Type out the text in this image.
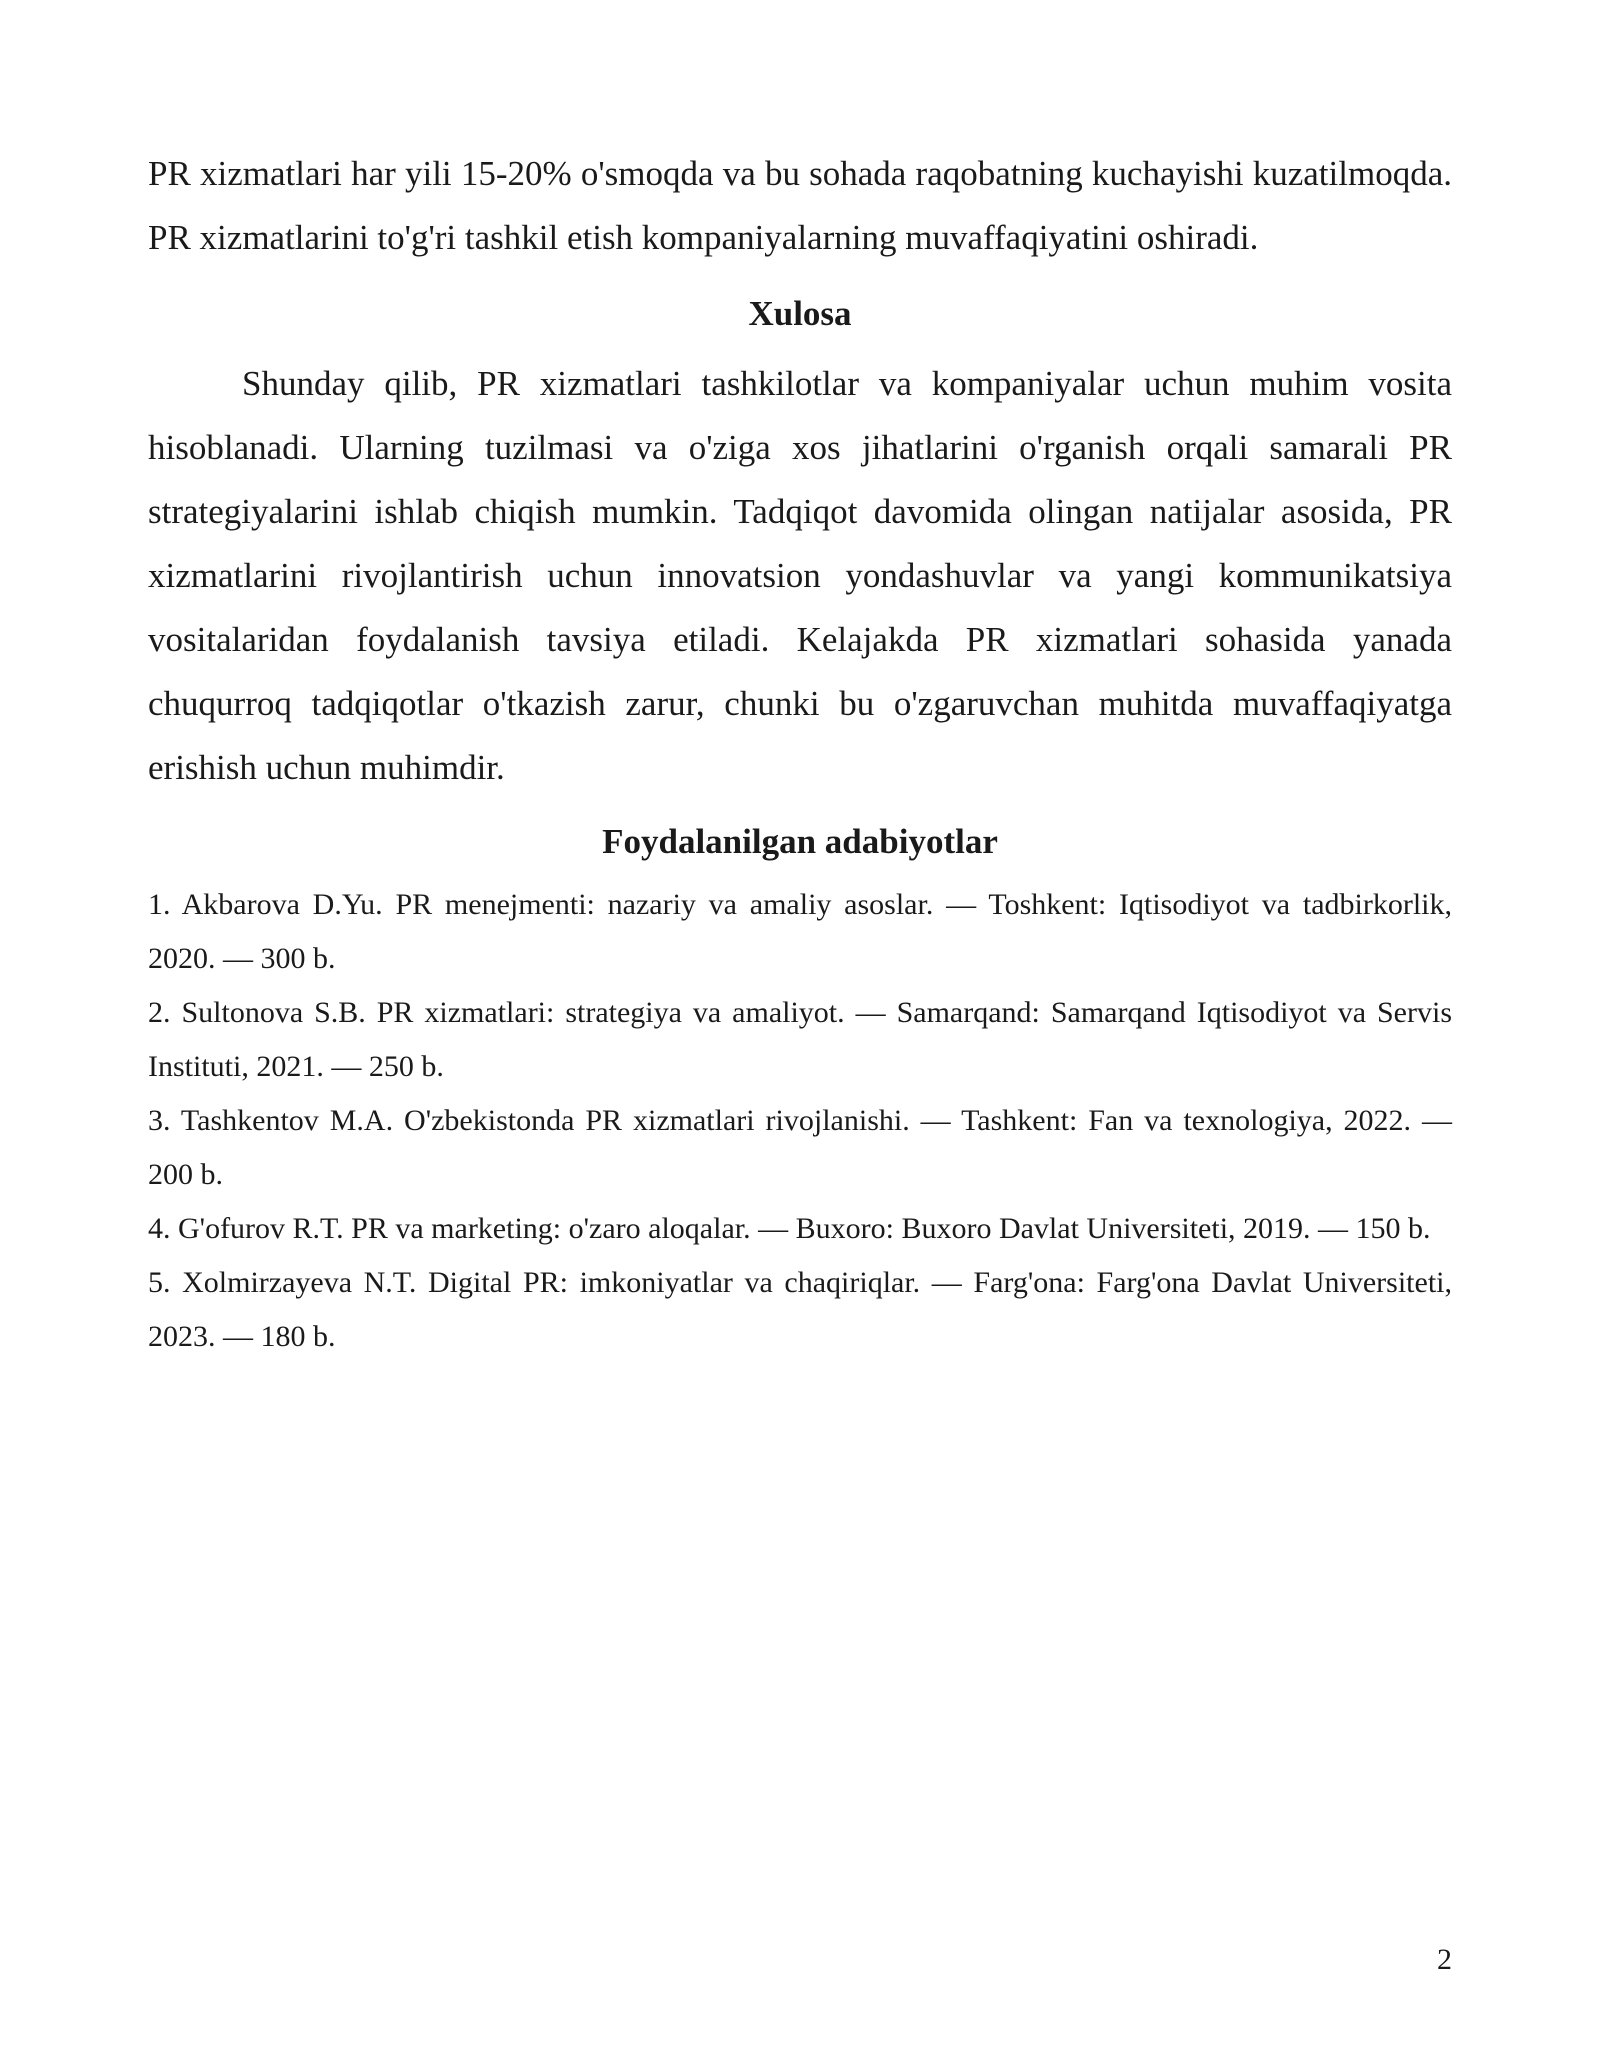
PR xizmatlari har yili 15-20% o'smoqda va bu sohada raqobatning kuchayishi kuzatilmoqda. PR xizmatlarini to'g'ri tashkil etish kompaniyalarning muvaffaqiyatini oshiradi.

Xulosa

Shunday qilib, PR xizmatlari tashkilotlar va kompaniyalar uchun muhim vosita hisoblanadi. Ularning tuzilmasi va o'ziga xos jihatlarini o'rganish orqali samarali PR strategiyalarini ishlab chiqish mumkin. Tadqiqot davomida olingan natijalar asosida, PR xizmatlarini rivojlantirish uchun innovatsion yondashuvlar va yangi kommunikatsiya vositalaridan foydalanish tavsiya etiladi. Kelajakda PR xizmatlari sohasida yanada chuqurroq tadqiqotlar o'tkazish zarur, chunki bu o'zgaruvchan muhitda muvaffaqiyatga erishish uchun muhimdir.

Foydalanilgan adabiyotlar
1. Akbarova D.Yu. PR menejmenti: nazariy va amaliy asoslar. — Toshkent: Iqtisodiyot va tadbirkorlik, 2020. — 300 b.
2. Sultonova S.B. PR xizmatlari: strategiya va amaliyot. — Samarqand: Samarqand Iqtisodiyot va Servis Instituti, 2021. — 250 b.
3. Tashkentov M.A. O'zbekistonda PR xizmatlari rivojlanishi. — Tashkent: Fan va texnologiya, 2022. — 200 b.
4. G'ofurov R.T. PR va marketing: o'zaro aloqalar. — Buxoro: Buxoro Davlat Universiteti, 2019. — 150 b.
5. Xolmirzayeva N.T. Digital PR: imkoniyatlar va chaqiriqlar. — Farg'ona: Farg'ona Davlat Universiteti, 2023. — 180 b.
2
